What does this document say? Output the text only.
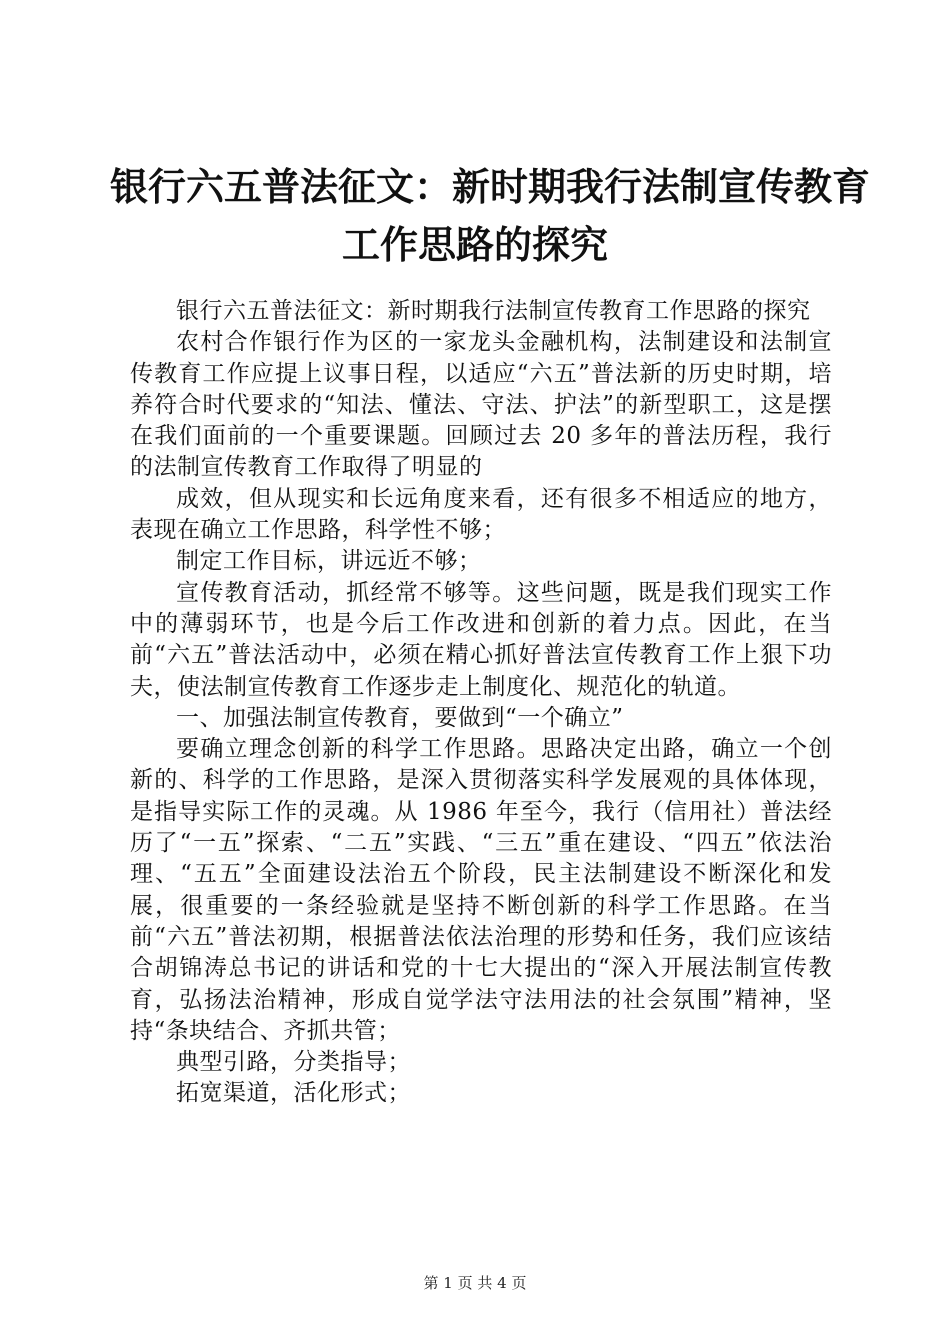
银行六五普法征文：新时期我行法制宣传教育
工作思路的探究

银行六五普法征文：新时期我行法制宣传教育工作思路的探究

农村合作银行作为区的一家龙头金融机构，法制建设和法制宣传教育工作应提上议事日程，以适应“六五”普法新的历史时期，培养符合时代要求的“知法、懂法、守法、护法”的新型职工，这是摆在我们面前的一个重要课题。回顾过去 20 多年的普法历程，我行的法制宣传教育工作取得了明显的

成效，但从现实和长远角度来看，还有很多不相适应的地方，表现在确立工作思路，科学性不够；

制定工作目标，讲远近不够；

宣传教育活动，抓经常不够等。这些问题，既是我们现实工作中的薄弱环节，也是今后工作改进和创新的着力点。因此，在当前“六五”普法活动中，必须在精心抓好普法宣传教育工作上狠下功夫，使法制宣传教育工作逐步走上制度化、规范化的轨道。

一、加强法制宣传教育，要做到“一个确立”

要确立理念创新的科学工作思路。思路决定出路，确立一个创新的、科学的工作思路，是深入贯彻落实科学发展观的具体体现，是指导实际工作的灵魂。从 1986 年至今，我行（信用社）普法经历了“一五”探索、“二五”实践、“三五”重在建设、“四五”依法治理、“五五”全面建设法治五个阶段，民主法制建设不断深化和发展，很重要的一条经验就是坚持不断创新的科学工作思路。在当前“六五”普法初期，根据普法依法治理的形势和任务，我们应该结合胡锦涛总书记的讲话和党的十七大提出的“深入开展法制宣传教育，弘扬法治精神，形成自觉学法守法用法的社会氛围”精神，坚持“条块结合、齐抓共管；

典型引路，分类指导；

拓宽渠道，活化形式；

第 1 页 共 4 页
